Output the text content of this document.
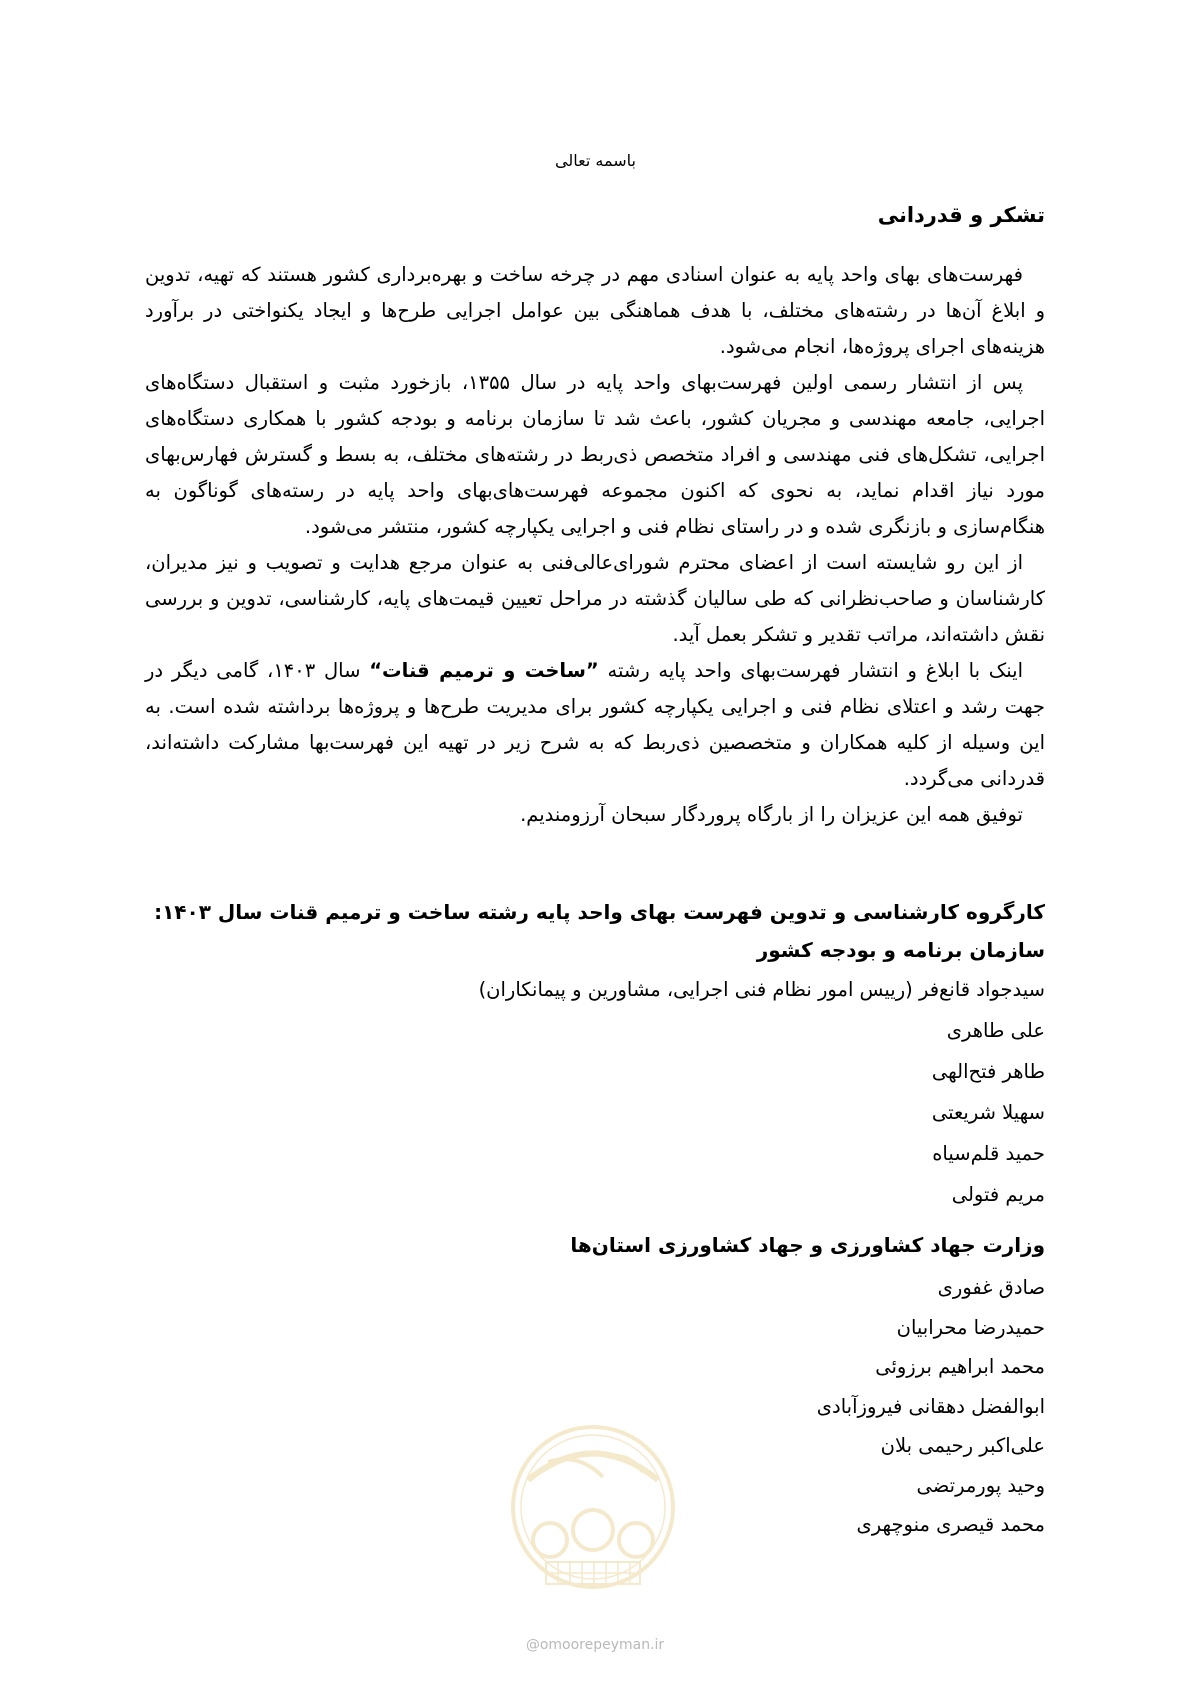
باسمه تعالی
تشکر و قدردانی

فهرست‌های بهای واحد پایه به عنوان اسنادی مهم در چرخه ساخت و بهره‌برداری کشور هستند که تهیه، تدوین و ابلاغ آن‌ها در رشته‌های مختلف، با هدف هماهنگی بین عوامل اجرایی طرح‌ها و ایجاد یکنواختی در برآورد هزینه‌های اجرای پروژه‌ها، انجام می‌شود.

پس از انتشار رسمی اولین فهرست‌بهای واحد پایه در سال ۱۳۵۵، بازخورد مثبت و استقبال دستگاه‌های اجرایی، جامعه مهندسی و مجریان کشور، باعث شد تا سازمان برنامه و بودجه کشور با همکاری دستگاه‌های اجرایی، تشکل‌های فنی مهندسی و افراد متخصص ذی‌ربط در رشته‌های مختلف، به بسط و گسترش فهارس‌بهای مورد نیاز اقدام نماید، به نحوی که اکنون مجموعه فهرست‌های‌بهای واحد پایه در رسته‌های گوناگون به هنگام‌سازی و بازنگری شده و در راستای نظام فنی و اجرایی یکپارچه کشور، منتشر می‌شود.

از این رو شایسته است از اعضای محترم شورای‌عالی‌فنی به عنوان مرجع هدایت و تصویب و نیز مدیران، کارشناسان و صاحب‌نظرانی که طی سالیان گذشته در مراحل تعیین قیمت‌های پایه، کارشناسی، تدوین و بررسی نقش داشته‌اند، مراتب تقدیر و تشکر بعمل آید.

اینک با ابلاغ و انتشار فهرست‌بهای واحد پایه رشته ”ساخت و ترمیم قنات“ سال ۱۴۰۳، گامی دیگر در جهت رشد و اعتلای نظام فنی و اجرایی یکپارچه کشور برای مدیریت طرح‌ها و پروژه‌ها برداشته شده است. به این وسیله از کلیه همکاران و متخصصین ذی‌ربط که به شرح زیر در تهیه این فهرست‌بها مشارکت داشته‌اند، قدردانی می‌گردد.

توفیق همه این عزیزان را از بارگاه پروردگار سبحان آرزومندیم.

کارگروه کارشناسی و تدوین فهرست بهای واحد پایه رشته ساخت و ترمیم قنات سال ۱۴۰۳:
سازمان برنامه و بودجه کشور
سیدجواد قانع‌فر (رییس امور نظام فنی اجرایی، مشاورین و پیمانکاران)
علی طاهری
طاهر فتح‌الهی
سهیلا شریعتی
حمید قلم‌سیاه
مریم فتولی
وزارت جهاد کشاورزی و جهاد کشاورزی استان‌ها
صادق غفوری
حمیدرضا محرابیان
محمد ابراهیم برزوئی
ابوالفضل دهقانی فیروزآبادی
علی‌اکبر رحیمی بلان
وحید پورمرتضی
محمد قیصری منوچهری
@omoorepeyman.ir
